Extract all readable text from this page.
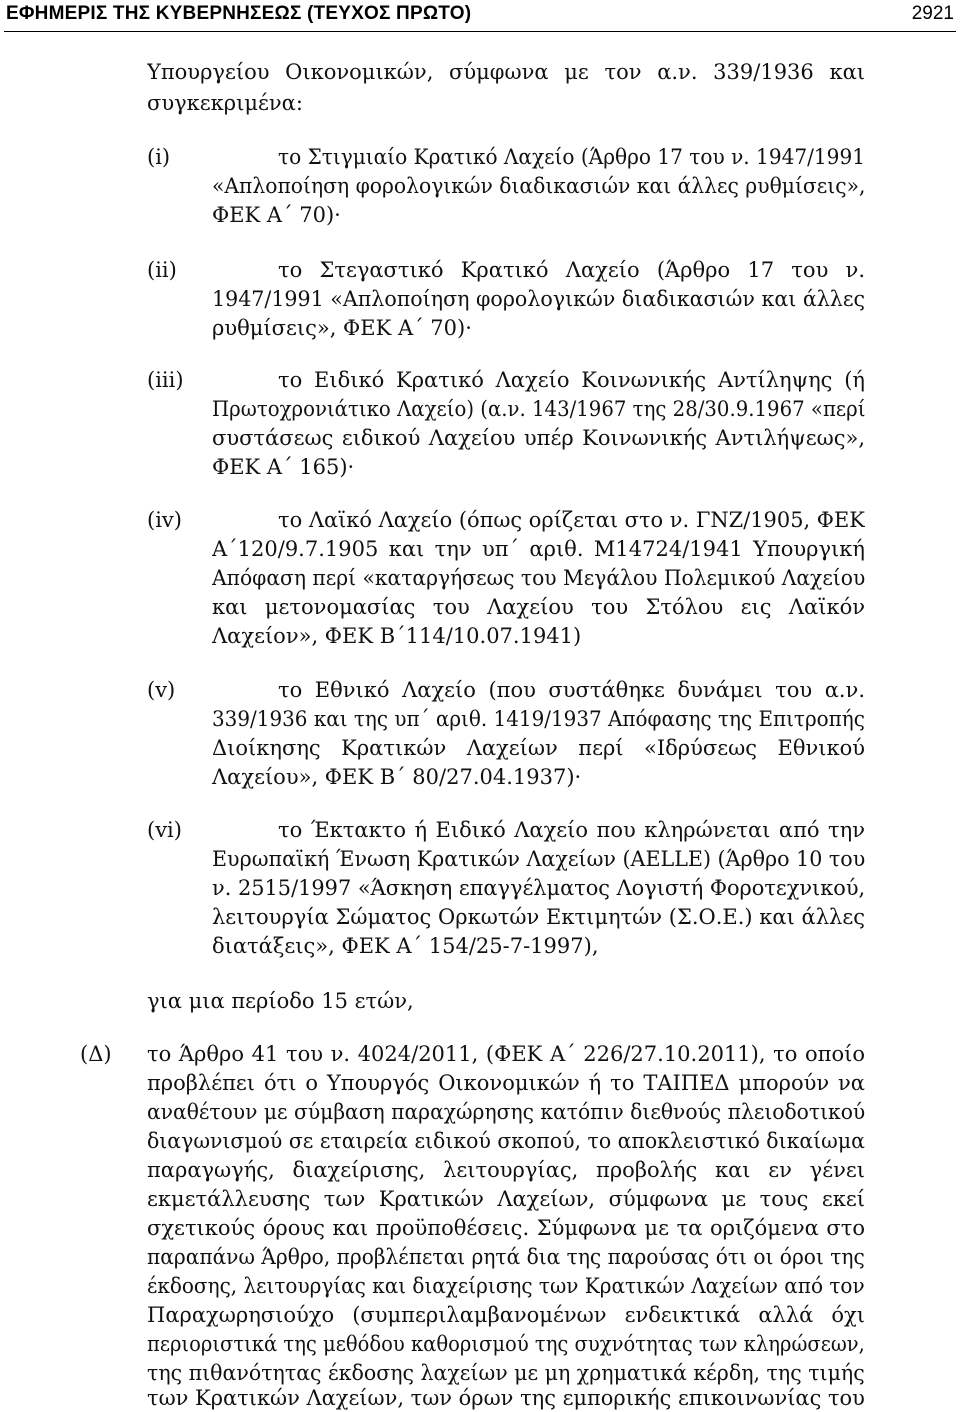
ΕΦΗΜΕΡΙΣ ΤΗΣ ΚΥΒΕΡΝΗΣΕΩΣ (ΤΕΥΧΟΣ ΠΡΩΤΟ)	2921
Υπουργείου Οικονομικών, σύμφωνα με τον α.ν. 339/1936 και
συγκεκριμένα:
(i)	το Στιγμιαίο Κρατικό Λαχείο (Άρθρο 17 του ν. 1947/1991
«Απλοποίηση φορολογικών διαδικασιών και άλλες ρυθμίσεις»,
ΦΕΚ Α΄ 70)·
(ii)	το Στεγαστικό Κρατικό Λαχείο (Άρθρο 17 του ν.
1947/1991 «Απλοποίηση φορολογικών διαδικασιών και άλλες
ρυθμίσεις», ΦΕΚ Α΄ 70)·
(iii)	το Ειδικό Κρατικό Λαχείο Κοινωνικής Αντίληψης (ή
Πρωτοχρονιάτικο Λαχείο) (α.ν. 143/1967 της 28/30.9.1967 «περί
συστάσεως ειδικού Λαχείου υπέρ Κοινωνικής Αντιλήψεως»,
ΦΕΚ Α΄ 165)·
(iv)	το Λαϊκό Λαχείο (όπως ορίζεται στο ν. ΓΝΖ/1905, ΦΕΚ
Α΄120/9.7.1905 και την υπ΄ αριθ. Μ14724/1941 Υπουργική
Απόφαση περί «καταργήσεως του Μεγάλου Πολεμικού Λαχείου
και μετονομασίας του Λαχείου του Στόλου εις Λαϊκόν
Λαχείον», ΦΕΚ Β΄114/10.07.1941)
(v)	το Εθνικό Λαχείο (που συστάθηκε δυνάμει του α.ν.
339/1936 και της υπ΄ αριθ. 1419/1937 Απόφασης της Επιτροπής
Διοίκησης Κρατικών Λαχείων περί «Ιδρύσεως Εθνικού
Λαχείου», ΦΕΚ Β΄ 80/27.04.1937)·
(vi)	το Έκτακτο ή Ειδικό Λαχείο που κληρώνεται από την
Ευρωπαϊκή Ένωση Κρατικών Λαχείων (AELLE) (Άρθρο 10 του
ν. 2515/1997 «Άσκηση επαγγέλματος Λογιστή Φοροτεχνικού,
λειτουργία Σώματος Ορκωτών Εκτιμητών (Σ.Ο.Ε.) και άλλες
διατάξεις», ΦΕΚ Α΄ 154/25-7-1997),
για μια περίοδο 15 ετών,
(Δ) το Άρθρο 41 του ν. 4024/2011, (ΦΕΚ Α΄ 226/27.10.2011), το οποίο
προβλέπει ότι ο Υπουργός Οικονομικών ή το ΤΑΙΠΕΔ μπορούν να
αναθέτουν με σύμβαση παραχώρησης κατόπιν διεθνούς πλειοδοτικού
διαγωνισμού σε εταιρεία ειδικού σκοπού, το αποκλειστικό δικαίωμα
παραγωγής, διαχείρισης, λειτουργίας, προβολής και εν γένει
εκμετάλλευσης των Κρατικών Λαχείων, σύμφωνα με τους εκεί
σχετικούς όρους και προϋποθέσεις. Σύμφωνα με τα οριζόμενα στο
παραπάνω Άρθρο, προβλέπεται ρητά δια της παρούσας ότι οι όροι της
έκδοσης, λειτουργίας και διαχείρισης των Κρατικών Λαχείων από τον
Παραχωρησιούχο (συμπεριλαμβανομένων ενδεικτικά αλλά όχι
περιοριστικά της μεθόδου καθορισμού της συχνότητας των κληρώσεων,
της πιθανότητας έκδοσης λαχείων με μη χρηματικά κέρδη, της τιμής
των Κρατικών Λαχείων, των όρων της εμπορικής επικοινωνίας του
